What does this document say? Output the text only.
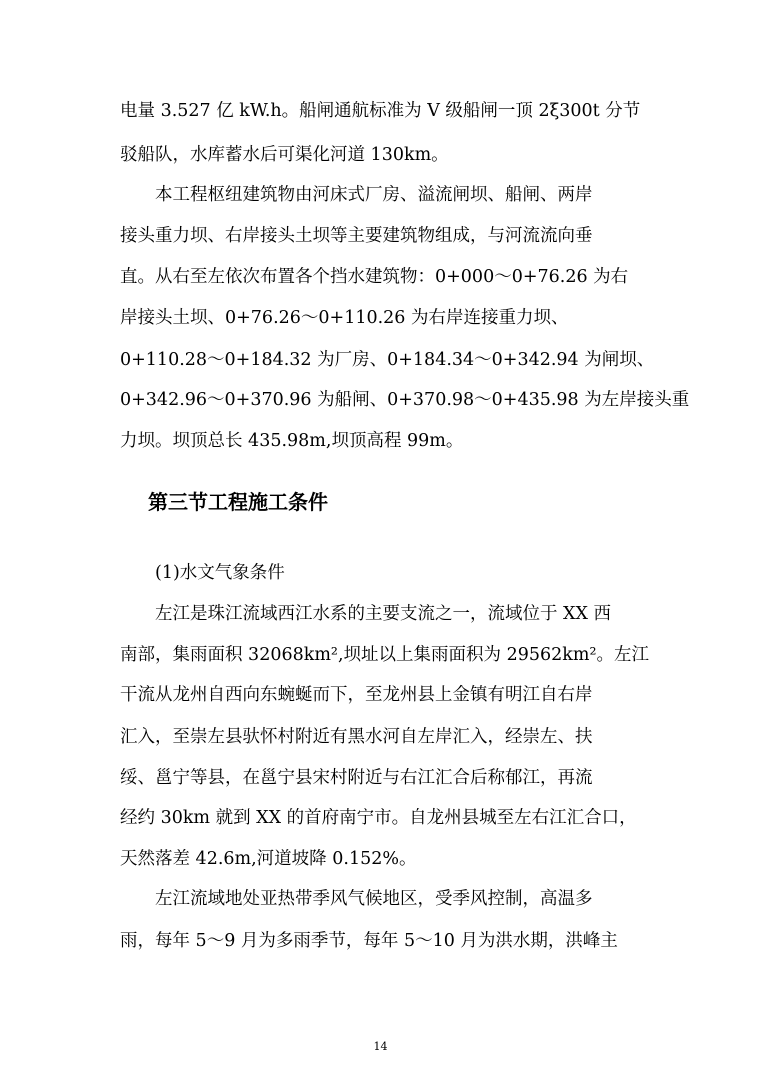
电量 3.527 亿 kW.h。船闸通航标准为 V 级船闸一顶 2ξ300t 分节
驳船队，水库蓄水后可渠化河道 130km。
本工程枢纽建筑物由河床式厂房、溢流闸坝、船闸、两岸
接头重力坝、右岸接头土坝等主要建筑物组成，与河流流向垂
直。从右至左依次布置各个挡水建筑物：0+000～0+76.26 为右
岸接头土坝、0+76.26～0+110.26 为右岸连接重力坝、
0+110.28～0+184.32 为厂房、0+184.34～0+342.94 为闸坝、
0+342.96～0+370.96 为船闸、0+370.98～0+435.98 为左岸接头重
力坝。坝顶总长 435.98m,坝顶高程 99m。
第三节工程施工条件
(1)水文气象条件
左江是珠江流域西江水系的主要支流之一，流域位于 XX 西
南部，集雨面积 32068km²,坝址以上集雨面积为 29562km²。左江
干流从龙州自西向东蜿蜒而下，至龙州县上金镇有明江自右岸
汇入，至崇左县驮怀村附近有黑水河自左岸汇入，经崇左、扶
绥、邕宁等县，在邕宁县宋村附近与右江汇合后称郁江，再流
经约 30km 就到 XX 的首府南宁市。自龙州县城至左右江汇合口，
天然落差 42.6m,河道坡降 0.152%。
左江流域地处亚热带季风气候地区，受季风控制，高温多
雨，每年 5～9 月为多雨季节，每年 5～10 月为洪水期，洪峰主
14
